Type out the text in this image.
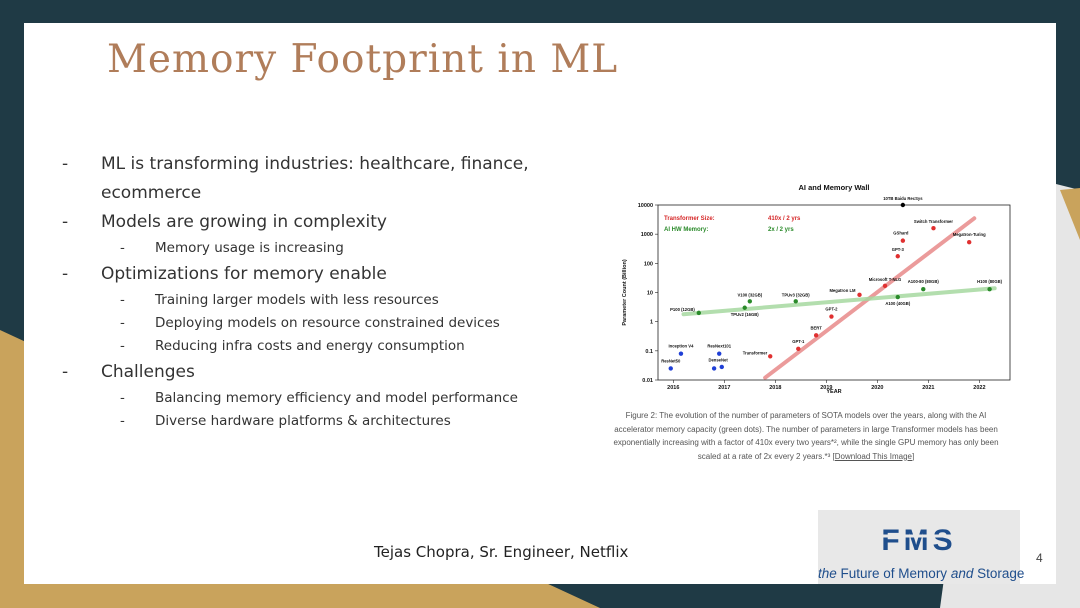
Memory Footprint in ML
- ML is transforming industries: healthcare, finance, ecommerce
- Models are growing in complexity
- Memory usage is increasing
- Optimizations for memory enable
- Training larger models with less resources
- Deploying models on resource constrained devices
- Reducing infra costs and energy consumption
- Challenges
- Balancing memory efficiency and model performance
- Diverse hardware platforms & architectures
AI and Memory Wall
YEAR
Parameter Count (Billion)
0.01
0.1
1
10
100
1000
10000
2016	2017	2018	2019	2020	2021	2022
Transformer Size:	410x / 2 yrs
AI HW Memory:	2x / 2 yrs
Transformer
GPT-1
BERT
GPT-2
Megatron LM
Microsoft T-NLG
GPT-3
GShard
Switch Transformer
Megatron-Turing
P100 (12GB)
TPUv2 (16GB)
V100 (32GB)	TPUv3 (32GB)
A100 (40GB)
A100-80 (80GB)	H100 (80GB)
ResNet50
Inception V4
DenseNet
ResNext101
10TB Baidu RecSys
Figure 2: The evolution of the number of parameters of SOTA models over the years, along with the AI accelerator memory capacity (green dots). The number of parameters in large Transformer models has been exponentially increasing with a factor of 410x every two years*², while the single GPU memory has only been scaled at a rate of 2x every 2 years.*³ [Download This Image]
Tejas Chopra, Sr. Engineer, Netflix	FMS
the Future of Memory and Storage
4
